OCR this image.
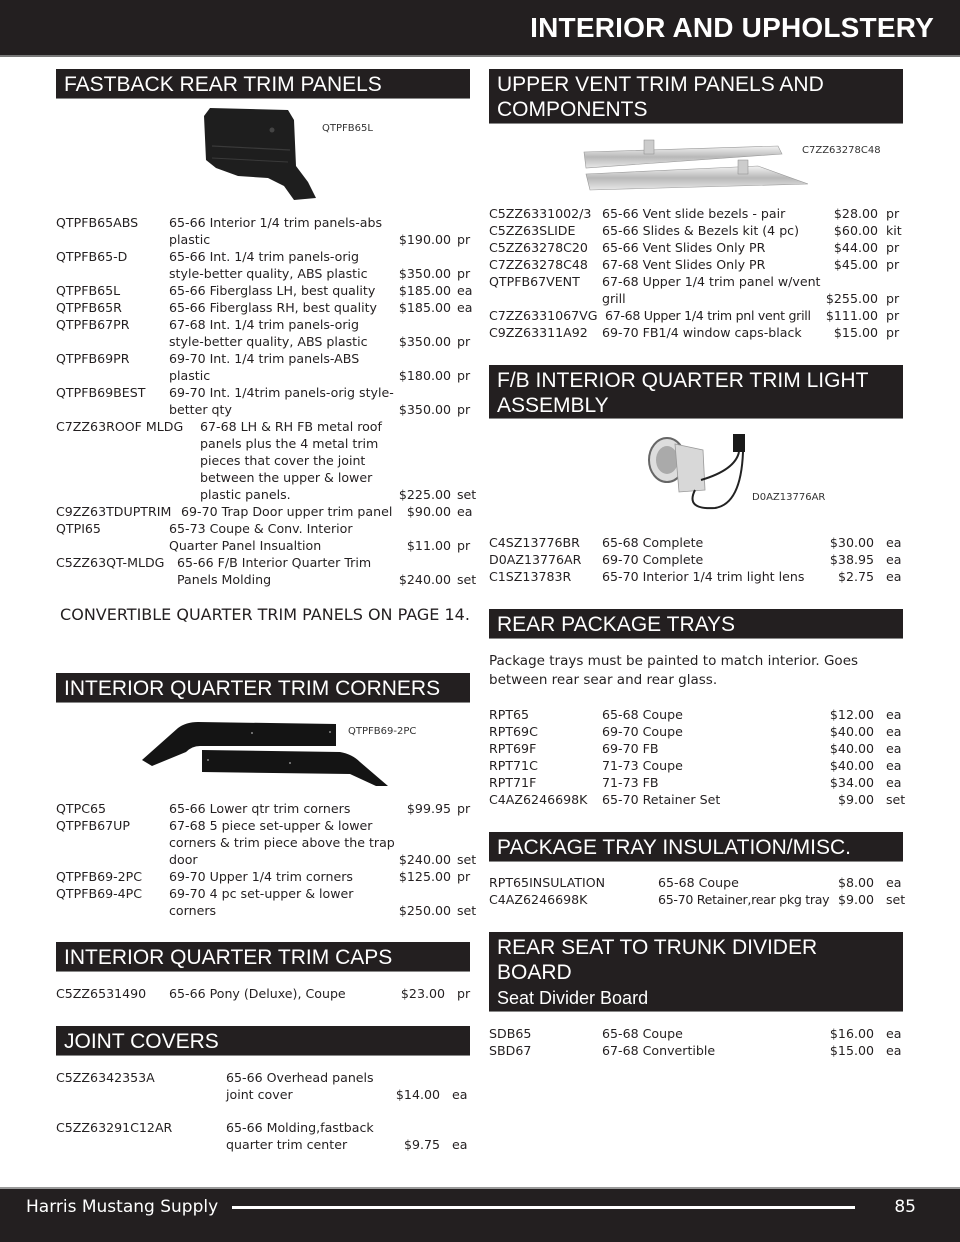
INTERIOR AND UPHOLSTERY
FASTBACK REAR TRIM PANELS
QTPFB65L
QTPFB65ABS	65-66 Interior 1/4 trim panels-abs plastic	$190.00 pr
QTPFB65-D	65-66 Int. 1/4 trim panels-orig style-better quality, ABS plastic	$350.00 pr
QTPFB65L	65-66 Fiberglass LH, best quality	$185.00 ea
QTPFB65R	65-66 Fiberglass RH, best quality	$185.00 ea
QTPFB67PR	67-68 Int. 1/4 trim panels-orig style-better quality, ABS plastic	$350.00 pr
QTPFB69PR	69-70 Int. 1/4 trim panels-ABS plastic	$180.00 pr
QTPFB69BEST	69-70 Int. 1/4trim panels-orig style-better qty	$350.00 pr
C7ZZ63ROOF MLDG	67-68 LH & RH FB metal roof panels plus the 4 metal trim pieces that cover the joint between the upper & lower plastic panels.	$225.00 set
C9ZZ63TDUPTRIM 69-70 Trap Door upper trim panel	$90.00 ea
QTPI65	65-73 Coupe & Conv. Interior Quarter Panel Insualtion	$11.00 pr
C5ZZ63QT-MLDG 65-66 F/B Interior Quarter Trim Panels Molding	$240.00 set
CONVERTIBLE QUARTER TRIM PANELS ON PAGE 14.
INTERIOR QUARTER TRIM CORNERS
QTPFB69-2PC
QTPC65	65-66 Lower qtr trim corners	$99.95 pr
QTPFB67UP	67-68 5 piece set-upper & lower corners & trim piece above the trap door	$240.00 set
QTPFB69-2PC	69-70 Upper 1/4 trim corners	$125.00 pr
QTPFB69-4PC	69-70 4 pc set-upper & lower corners	$250.00 set
INTERIOR QUARTER TRIM CAPS
C5ZZ6531490	65-66 Pony (Deluxe), Coupe	$23.00 pr
JOINT COVERS
C5ZZ6342353A	65-66 Overhead panels joint cover	$14.00 ea
C5ZZ63291C12AR	65-66 Molding,fastback quarter trim center	$9.75 ea
UPPER VENT TRIM PANELS AND COMPONENTS
C7ZZ63278C48
C5ZZ6331002/3 65-66 Vent slide bezels - pair	$28.00 pr
C5ZZ63SLIDE	65-66 Slides & Bezels kit (4 pc)	$60.00 kit
C5ZZ63278C20	65-66 Vent Slides Only PR	$44.00 pr
C7ZZ63278C48	67-68 Vent Slides Only PR	$45.00 pr
QTPFB67VENT	67-68 Upper 1/4 trim panel w/vent grill	$255.00 pr
C7ZZ6331067VG 67-68 Upper 1/4 trim pnl vent grill	$111.00 pr
C9ZZ63311A92	69-70 FB1/4 window caps-black	$15.00 pr
F/B INTERIOR QUARTER TRIM LIGHT ASSEMBLY
D0AZ13776AR
C4SZ13776BR	65-68 Complete	$30.00 ea
D0AZ13776AR	69-70 Complete	$38.95 ea
C1SZ13783R	65-70 Interior 1/4 trim light lens	$2.75 ea
REAR PACKAGE TRAYS
Package trays must be painted to match interior. Goes between rear sear and rear glass.
RPT65	65-68 Coupe	$12.00 ea
RPT69C	69-70 Coupe	$40.00 ea
RPT69F	69-70 FB	$40.00 ea
RPT71C	71-73 Coupe	$40.00 ea
RPT71F	71-73 FB	$34.00 ea
C4AZ6246698K	65-70 Retainer Set	$9.00 set
PACKAGE TRAY INSULATION/MISC.
RPT65INSULATION	65-68 Coupe	$8.00 ea
C4AZ6246698K	65-70 Retainer,rear pkg tray $9.00 set
REAR SEAT TO TRUNK DIVIDER BOARD
Seat Divider Board
SDB65	65-68 Coupe	$16.00 ea
SBD67	67-68 Convertible	$15.00 ea
Harris Mustang Supply	85
